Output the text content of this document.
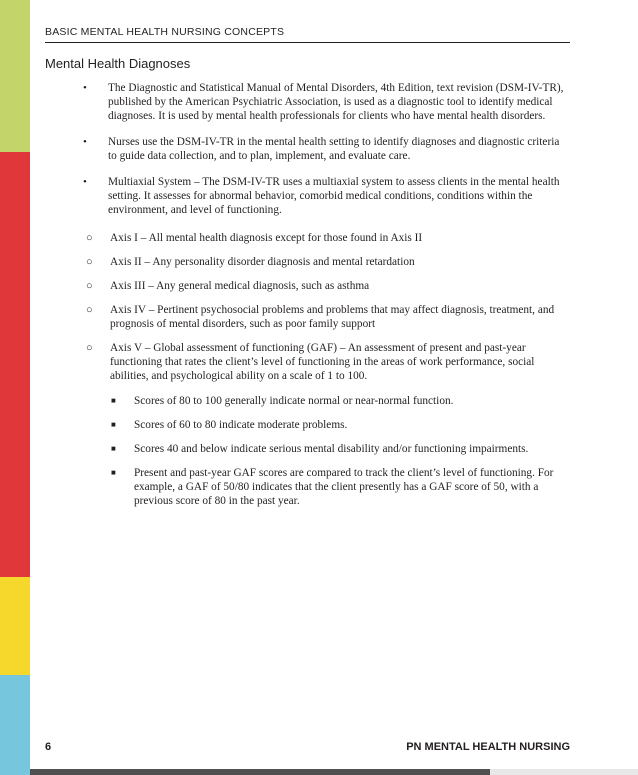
BASIC MENTAL HEALTH NURSING CONCEPTS
Mental Health Diagnoses
• The Diagnostic and Statistical Manual of Mental Disorders, 4th Edition, text revision (DSM-IV-TR), published by the American Psychiatric Association, is used as a diagnostic tool to identify medical diagnoses. It is used by mental health professionals for clients who have mental health disorders.
• Nurses use the DSM-IV-TR in the mental health setting to identify diagnoses and diagnostic criteria to guide data collection, and to plan, implement, and evaluate care.
• Multiaxial System – The DSM-IV-TR uses a multiaxial system to assess clients in the mental health setting. It assesses for abnormal behavior, comorbid medical conditions, conditions within the environment, and level of functioning.
○ Axis I – All mental health diagnosis except for those found in Axis II
○ Axis II – Any personality disorder diagnosis and mental retardation
○ Axis III – Any general medical diagnosis, such as asthma
○ Axis IV – Pertinent psychosocial problems and problems that may affect diagnosis, treatment, and prognosis of mental disorders, such as poor family support
○ Axis V – Global assessment of functioning (GAF) – An assessment of present and past-year functioning that rates the client’s level of functioning in the areas of work performance, social abilities, and psychological ability on a scale of 1 to 100.
■ Scores of 80 to 100 generally indicate normal or near-normal function.
■ Scores of 60 to 80 indicate moderate problems.
■ Scores 40 and below indicate serious mental disability and/or functioning impairments.
■ Present and past-year GAF scores are compared to track the client’s level of functioning. For example, a GAF of 50/80 indicates that the client presently has a GAF score of 50, with a previous score of 80 in the past year.
6	PN MENTAL HEALTH NURSING
